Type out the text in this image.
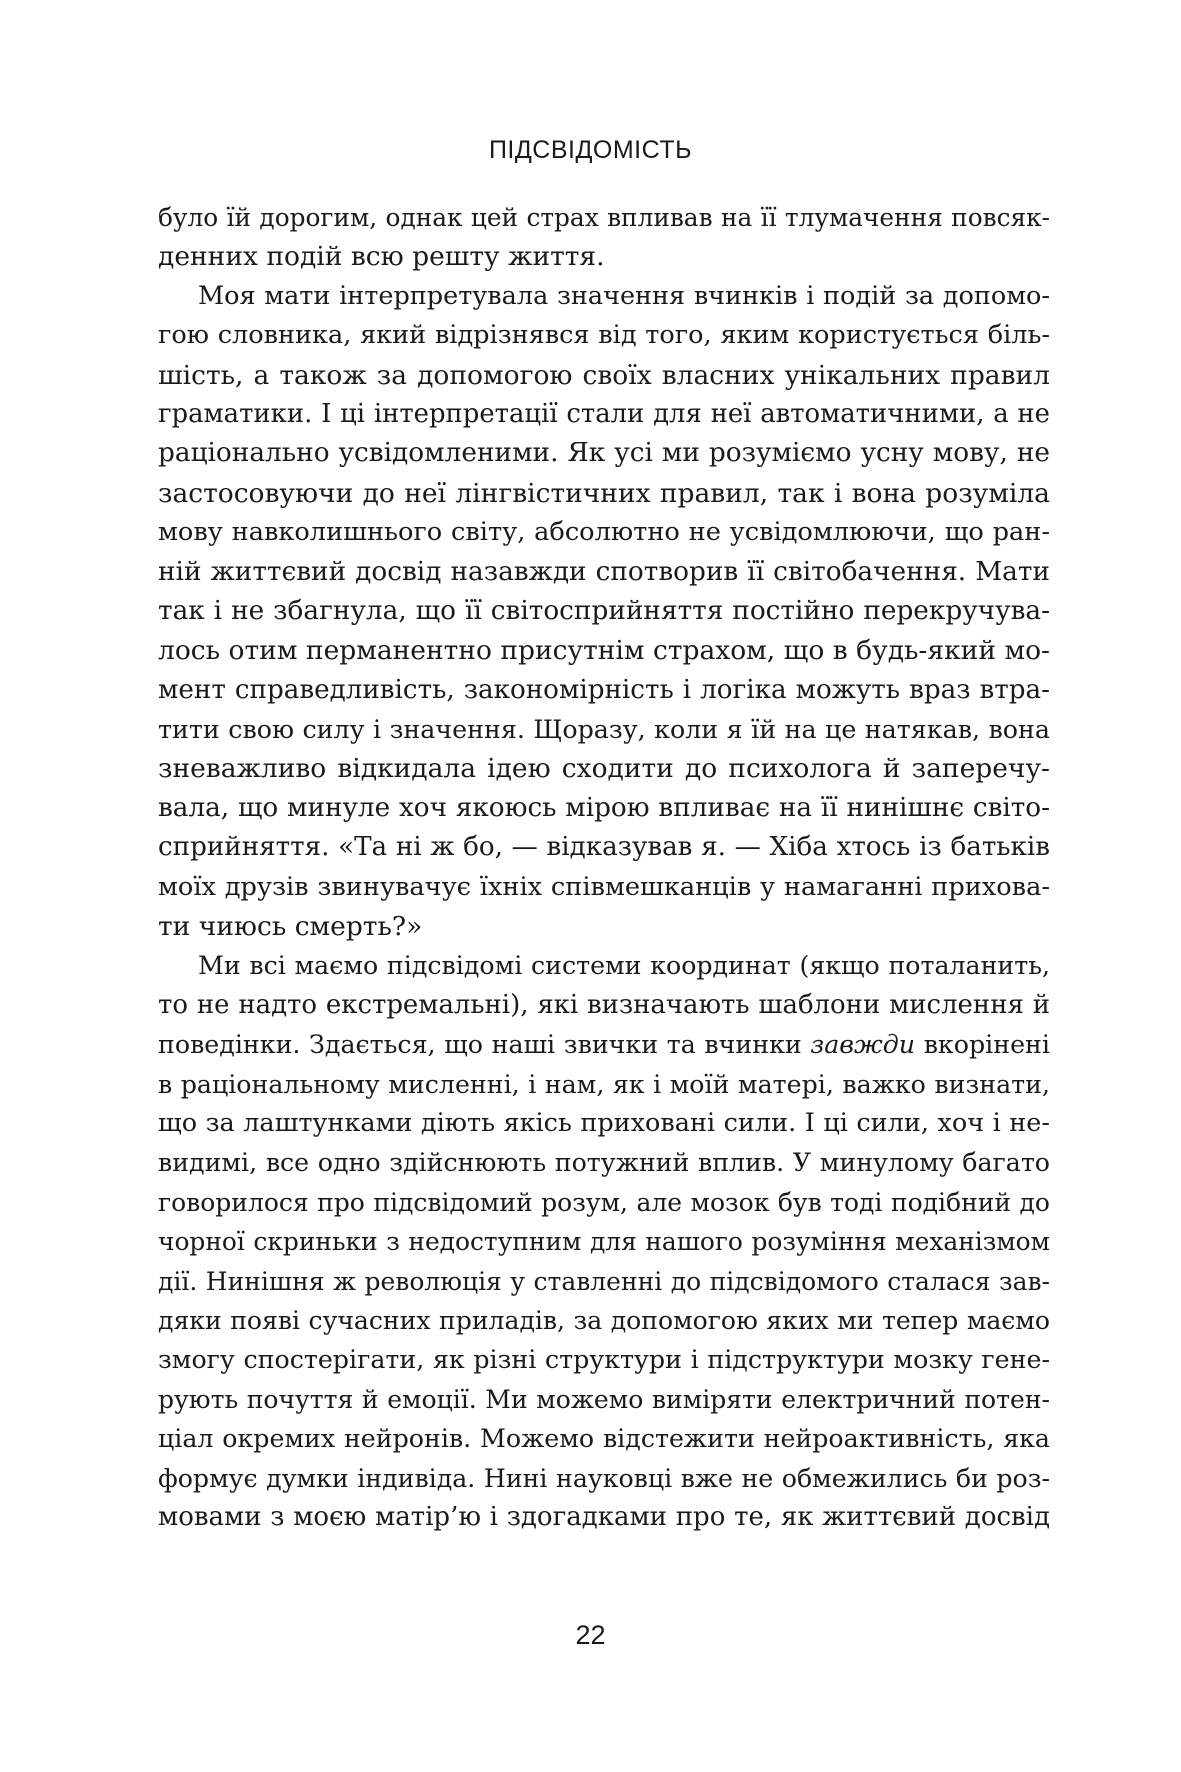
ПІДСВІДОМІСТЬ
було їй дорогим, однак цей страх впливав на її тлумачення повсяк-
денних подій всю решту життя.
Моя мати інтерпретувала значення вчинків і подій за допомо-
гою словника, який відрізнявся від того, яким користується біль-
шість, а також за допомогою своїх власних унікальних правил
граматики. І ці інтерпретації стали для неї автоматичними, а не
раціонально усвідомленими. Як усі ми розуміємо усну мову, не
застосовуючи до неї лінгвістичних правил, так і вона розуміла
мову навколишнього світу, абсолютно не усвідомлюючи, що ран-
ній життєвий досвід назавжди спотворив її світобачення. Мати
так і не збагнула, що її світосприйняття постійно перекручува-
лось отим перманентно присутнім страхом, що в будь-який мо-
мент справедливість, закономірність і логіка можуть враз втра-
тити свою силу і значення. Щоразу, коли я їй на це натякав, вона
зневажливо відкидала ідею сходити до психолога й заперечу-
вала, що минуле хоч якоюсь мірою впливає на її нинішнє світо-
сприйняття. «Та ні ж бо, — відказував я. — Хіба хтось із батьків
моїх друзів звинувачує їхніх співмешканців у намаганні прихова-
ти чиюсь смерть?»
Ми всі маємо підсвідомі системи координат (якщо поталанить,
то не надто екстремальні), які визначають шаблони мислення й
поведінки. Здається, що наші звички та вчинки завжди вкорінені
в раціональному мисленні, і нам, як і моїй матері, важко визнати,
що за лаштунками діють якісь приховані сили. І ці сили, хоч і не-
видимі, все одно здійснюють потужний вплив. У минулому багато
говорилося про підсвідомий розум, але мозок був тоді подібний до
чорної скриньки з недоступним для нашого розуміння механізмом
дії. Нинішня ж революція у ставленні до підсвідомого сталася зав-
дяки появі сучасних приладів, за допомогою яких ми тепер маємо
змогу спостерігати, як різні структури і підструктури мозку гене-
рують почуття й емоції. Ми можемо виміряти електричний потен-
ціал окремих нейронів. Можемо відстежити нейроактивність, яка
формує думки індивіда. Нині науковці вже не обмежились би роз-
мовами з моєю матір’ю і здогадками про те, як життєвий досвід
22
